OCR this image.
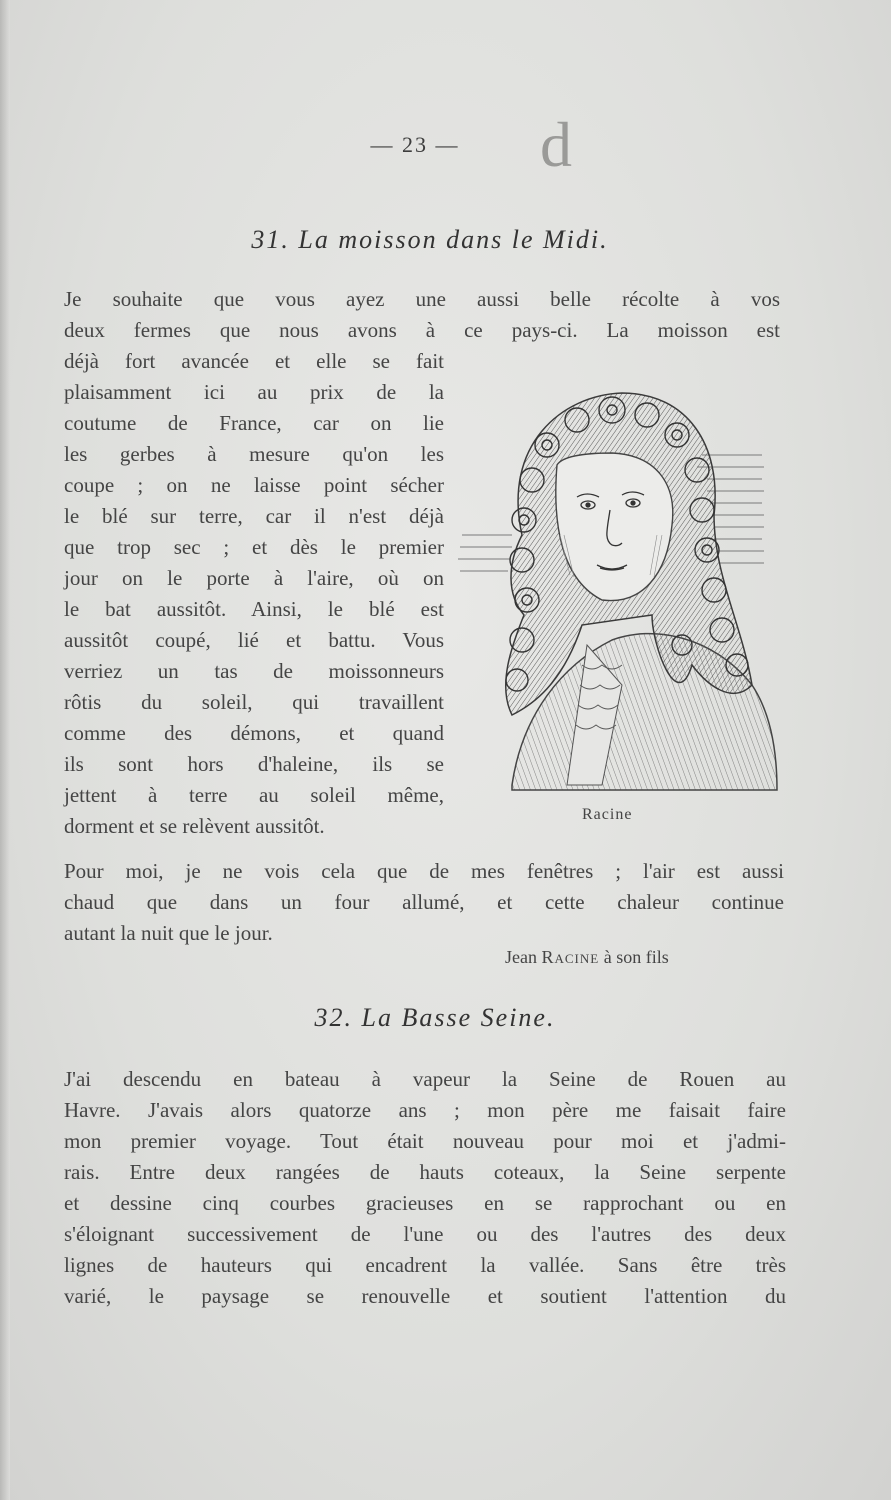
— 23 —	d
31. La moisson dans le Midi.
Je souhaite que vous ayez une aussi belle récolte à vos
deux fermes que nous avons à ce pays-ci. La moisson est
déjà fort avancée et elle se fait
plaisamment ici au prix de la
coutume de France, car on lie
les gerbes à mesure qu'on les
coupe ; on ne laisse point sécher
le blé sur terre, car il n'est déjà
que trop sec ; et dès le premier
jour on le porte à l'aire, où on
le bat aussitôt. Ainsi, le blé est
aussitôt coupé, lié et battu. Vous
verriez un tas de moissonneurs
rôtis du soleil, qui travaillent
comme des démons, et quand
ils sont hors d'haleine, ils se
jettent à terre au soleil même,
dorment et se relèvent aussitôt.	Racine
Pour moi, je ne vois cela que de mes fenêtres ; l'air est aussi
chaud que dans un four allumé, et cette chaleur continue
autant la nuit que le jour.
Jean Racine à son fils
32. La Basse Seine.
J'ai descendu en bateau à vapeur la Seine de Rouen au
Havre. J'avais alors quatorze ans ; mon père me faisait faire
mon premier voyage. Tout était nouveau pour moi et j'admi-
rais. Entre deux rangées de hauts coteaux, la Seine serpente
et dessine cinq courbes gracieuses en se rapprochant ou en
s'éloignant successivement de l'une ou des l'autres des deux
lignes de hauteurs qui encadrent la vallée. Sans être très
varié, le paysage se renouvelle et soutient l'attention du
